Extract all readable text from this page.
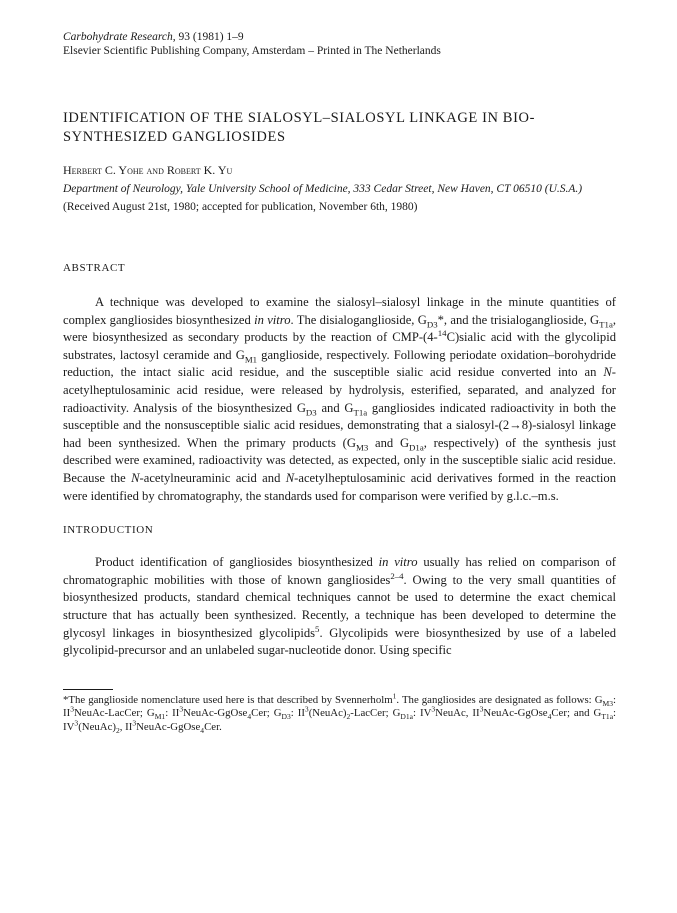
Carbohydrate Research, 93 (1981) 1–9

Elsevier Scientific Publishing Company, Amsterdam – Printed in The Netherlands

IDENTIFICATION OF THE SIALOSYL–SIALOSYL LINKAGE IN BIO-
SYNTHESIZED GANGLIOSIDES

Herbert C. Yohe and Robert K. Yu

Department of Neurology, Yale University School of Medicine, 333 Cedar Street, New Haven, CT 06510 (U.S.A.)

(Received August 21st, 1980; accepted for publication, November 6th, 1980)

ABSTRACT

A technique was developed to examine the sialosyl–sialosyl linkage in the minute quantities of complex gangliosides biosynthesized in vitro. The disialoganglioside, $G_{D3}*$, and the trisialoganglioside, $G_{T1a}$, were biosynthesized as secondary products by the reaction of CMP-(4-$^{14}$C)sialic acid with the glycolipid substrates, lactosyl ceramide and $G_{M1}$ ganglioside, respectively. Following periodate oxidation–borohydride reduction, the intact sialic acid residue, and the susceptible sialic acid residue converted into an N-acetylheptulosaminic acid residue, were released by hydrolysis, esterified, separated, and analyzed for radioactivity. Analysis of the biosynthesized $G_{D3}$ and $G_{T1a}$ gangliosides indicated radioactivity in both the susceptible and the nonsusceptible sialic acid residues, demonstrating that a sialosyl-(2→8)-sialosyl linkage had been synthesized. When the primary products ($G_{M3}$ and $G_{D1a}$, respectively) of the synthesis just described were examined, radioactivity was detected, as expected, only in the susceptible sialic acid residue. Because the N-acetylneuraminic acid and N-acetylheptulosaminic acid derivatives formed in the reaction were identified by chromatography, the standards used for comparison were verified by g.l.c.–m.s.

INTRODUCTION

Product identification of gangliosides biosynthesized in vitro usually has relied on comparison of chromatographic mobilities with those of known gangliosides$^{2-4}$. Owing to the very small quantities of biosynthesized products, standard chemical techniques cannot be used to determine the exact chemical structure that has actually been synthesized. Recently, a technique has been developed to determine the glycosyl linkages in biosynthesized glycolipids$^5$. Glycolipids were biosynthesized by use of a labeled glycolipid-precursor and an unlabeled sugar-nucleotide donor. Using specific

*The ganglioside nomenclature used here is that described by Svennerholm$^1$. The gangliosides are designated as follows: $G_{M3}$: $II^3NeuAc$-LacCer; $G_{M1}$: $II^3NeuAc-GgOse_4Cer$; $G_{D3}$: $II^3(NeuAc)_2$-LacCer; $G_{D1a}$: $IV^3NeuAc$, $II^3NeuAc-GgOse_4Cer$; and $G_{T1a}$: $IV^3(NeuAc)_2$, $II^3NeuAc-GgOse_4Cer$.
